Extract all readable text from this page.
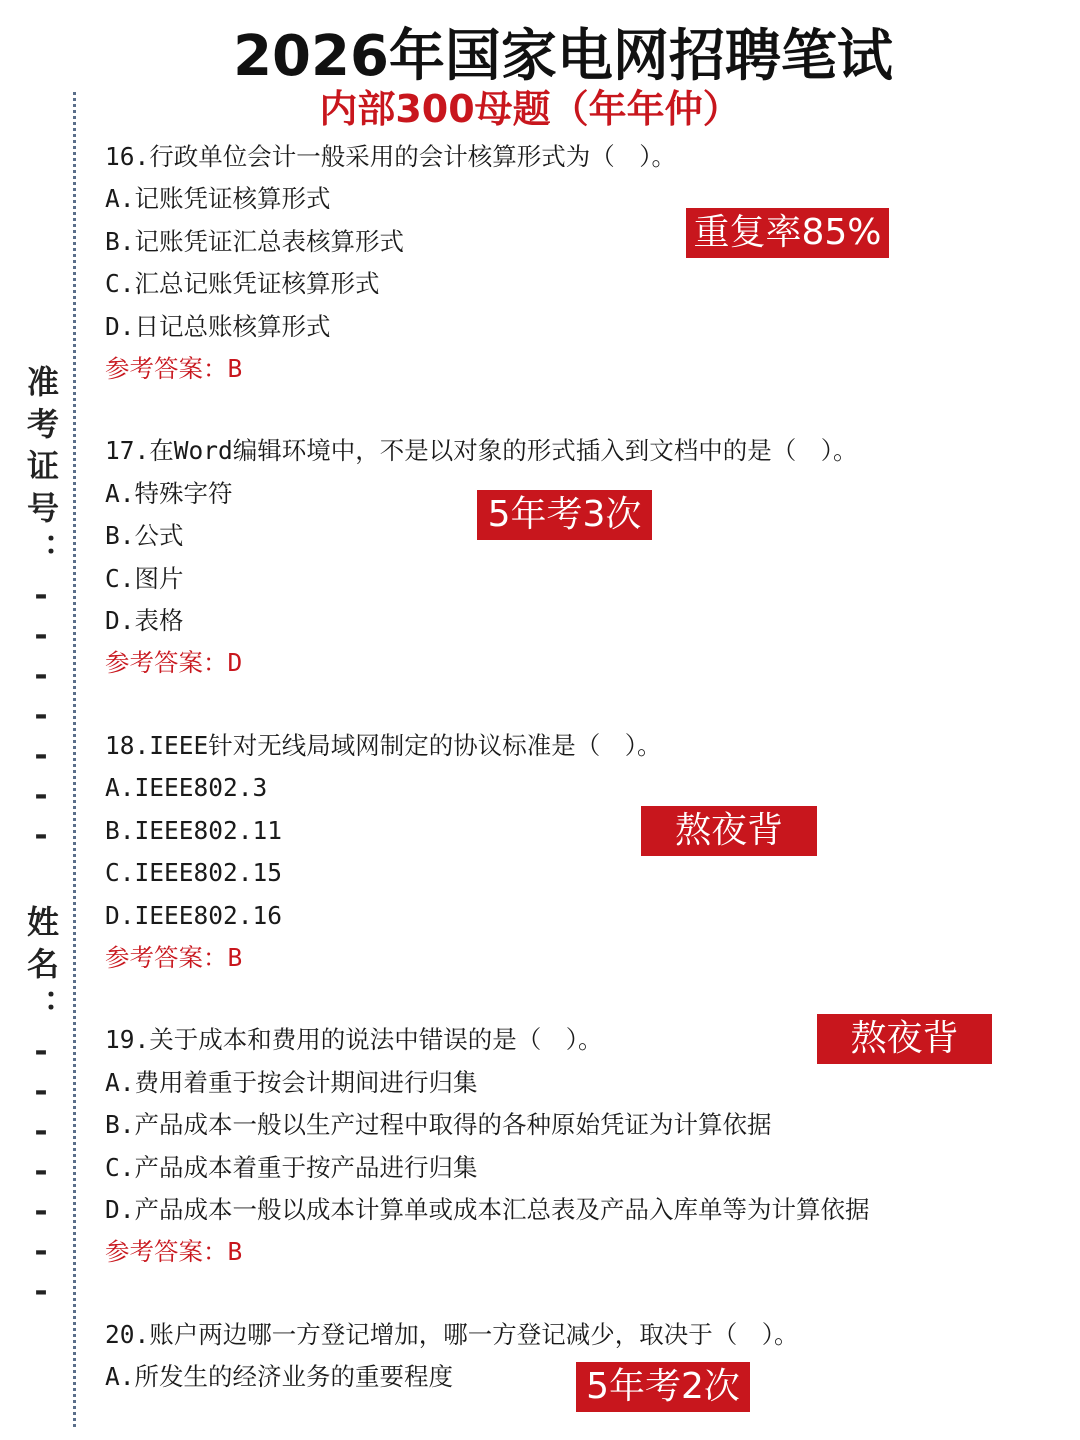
2026年国家电网招聘笔试
内部300母题（年年仲）
准考证号：-------
姓名：-------

16.行政单位会计一般采用的会计核算形式为（　）。

A.记账凭证核算形式

B.记账凭证汇总表核算形式

C.汇总记账凭证核算形式

D.日记总账核算形式

参考答案：B

17.在Word编辑环境中，不是以对象的形式插入到文档中的是（　）。

A.特殊字符

B.公式

C.图片

D.表格

参考答案：D

18.IEEE针对无线局域网制定的协议标准是（　）。

A.IEEE802.3

B.IEEE802.11

C.IEEE802.15

D.IEEE802.16

参考答案：B

19.关于成本和费用的说法中错误的是（　）。

A.费用着重于按会计期间进行归集

B.产品成本一般以生产过程中取得的各种原始凭证为计算依据

C.产品成本着重于按产品进行归集

D.产品成本一般以成本计算单或成本汇总表及产品入库单等为计算依据

参考答案：B

20.账户两边哪一方登记增加，哪一方登记减少，取决于（　）。

A.所发生的经济业务的重要程度

重复率85%
5年考3次
熬夜背
熬夜背
5年考2次
